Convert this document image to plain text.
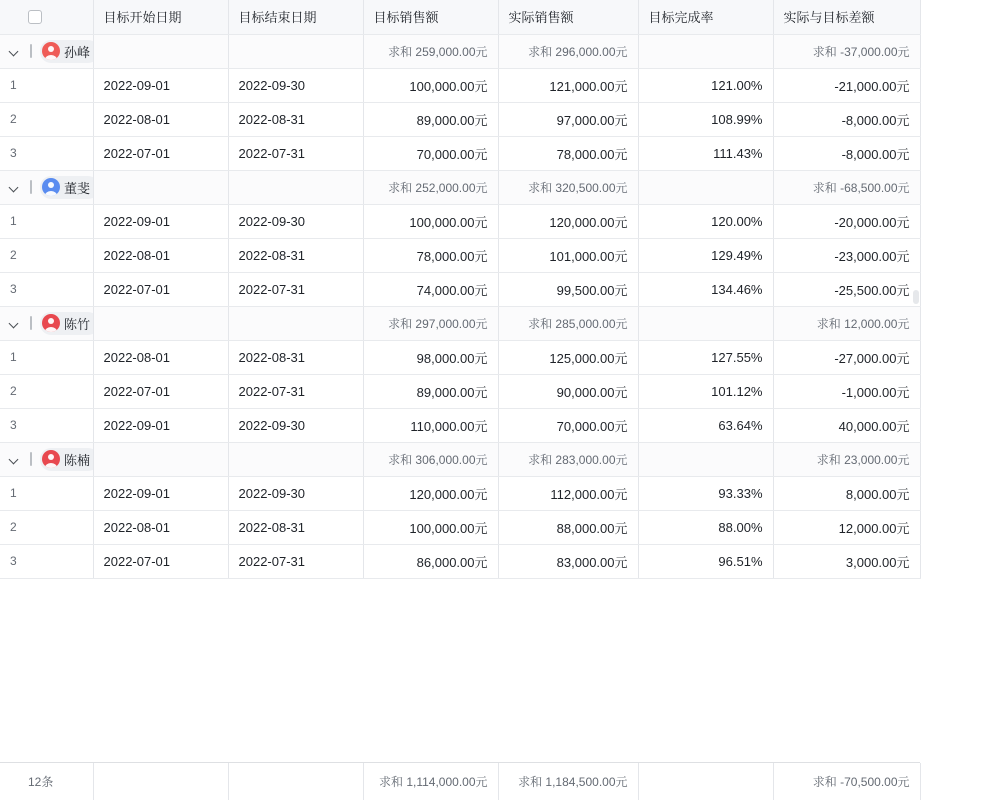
	目标开始日期	目标结束日期	目标销售额	实际销售额	目标完成率	实际与目标差额

孙峰			求和 259,000.00元	求和 296,000.00元		求和 -37,000.00元
1	2022-09-01	2022-09-30	100,000.00元	121,000.00元	121.00%	-21,000.00元
2	2022-08-01	2022-08-31	89,000.00元	97,000.00元	108.99%	-8,000.00元
3	2022-07-01	2022-07-31	70,000.00元	78,000.00元	111.43%	-8,000.00元

董斐			求和 252,000.00元	求和 320,500.00元		求和 -68,500.00元
1	2022-09-01	2022-09-30	100,000.00元	120,000.00元	120.00%	-20,000.00元
2	2022-08-01	2022-08-31	78,000.00元	101,000.00元	129.49%	-23,000.00元
3	2022-07-01	2022-07-31	74,000.00元	99,500.00元	134.46%	-25,500.00元

陈竹			求和 297,000.00元	求和 285,000.00元		求和 12,000.00元
1	2022-08-01	2022-08-31	98,000.00元	125,000.00元	127.55%	-27,000.00元
2	2022-07-01	2022-07-31	89,000.00元	90,000.00元	101.12%	-1,000.00元
3	2022-09-01	2022-09-30	110,000.00元	70,000.00元	63.64%	40,000.00元

陈楠			求和 306,000.00元	求和 283,000.00元		求和 23,000.00元
1	2022-09-01	2022-09-30	120,000.00元	112,000.00元	93.33%	8,000.00元
2	2022-08-01	2022-08-31	100,000.00元	88,000.00元	88.00%	12,000.00元
3	2022-07-01	2022-07-31	86,000.00元	83,000.00元	96.51%	3,000.00元
12条			求和 1,114,000.00元	求和 1,184,500.00元		求和 -70,500.00元
